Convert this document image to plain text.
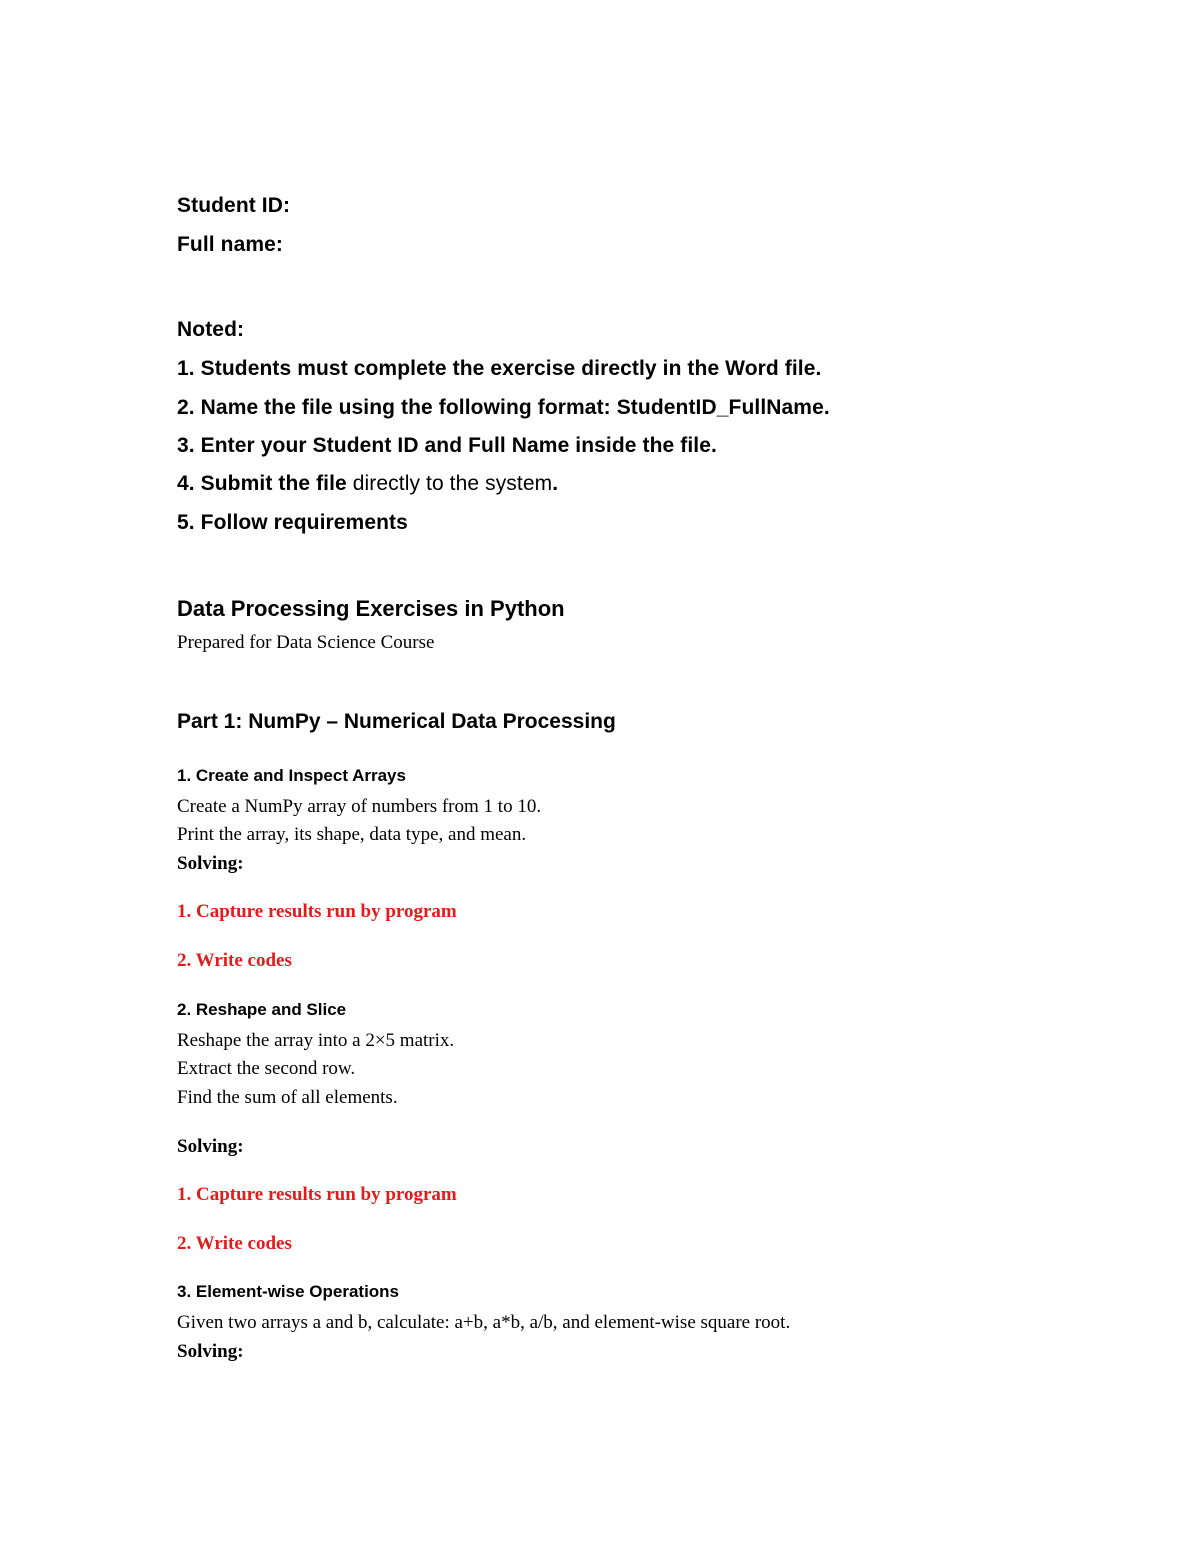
Student ID:
Full name:
Noted:
1. Students must complete the exercise directly in the Word file.
2. Name the file using the following format: StudentID_FullName.
3. Enter your Student ID and Full Name inside the file.
4. Submit the file directly to the system.
5. Follow requirements
Data Processing Exercises in Python
Prepared for Data Science Course
Part 1: NumPy – Numerical Data Processing
1. Create and Inspect Arrays
Create a NumPy array of numbers from 1 to 10.
Print the array, its shape, data type, and mean.
Solving:
1. Capture results run by program
2. Write codes
2. Reshape and Slice
Reshape the array into a 2×5 matrix.
Extract the second row.
Find the sum of all elements.
Solving:
1. Capture results run by program
2. Write codes
3. Element-wise Operations
Given two arrays a and b, calculate: a+b, a*b, a/b, and element-wise square root.
Solving:
